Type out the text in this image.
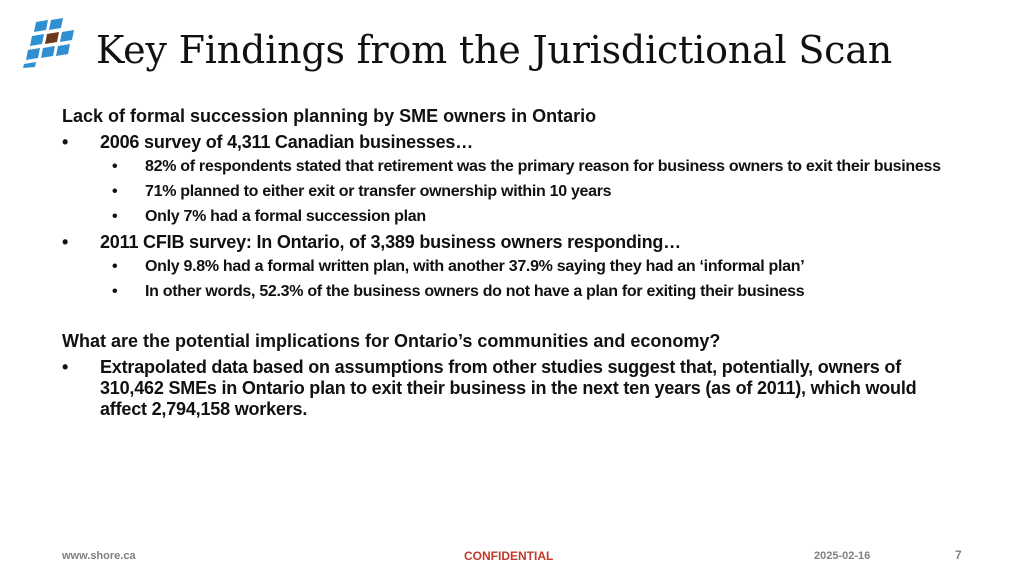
Key Findings from the Jurisdictional Scan
Lack of formal succession planning by SME owners in Ontario
• 2006 survey of 4,311 Canadian businesses…
• 82% of respondents stated that retirement was the primary reason for business owners to exit their business
• 71% planned to either exit or transfer ownership within 10 years
• Only 7% had a formal succession plan
• 2011 CFIB survey: In Ontario, of 3,389 business owners responding…
• Only 9.8% had a formal written plan, with another 37.9% saying they had an ‘informal plan’
• In other words, 52.3% of the business owners do not have a plan for exiting their business
What are the potential implications for Ontario’s communities and economy?
• Extrapolated data based on assumptions from other studies suggest that, potentially, owners of 310,462 SMEs in Ontario plan to exit their business in the next ten years (as of 2011), which would affect 2,794,158 workers.
www.shore.ca	CONFIDENTIAL	2025-02-16	7
